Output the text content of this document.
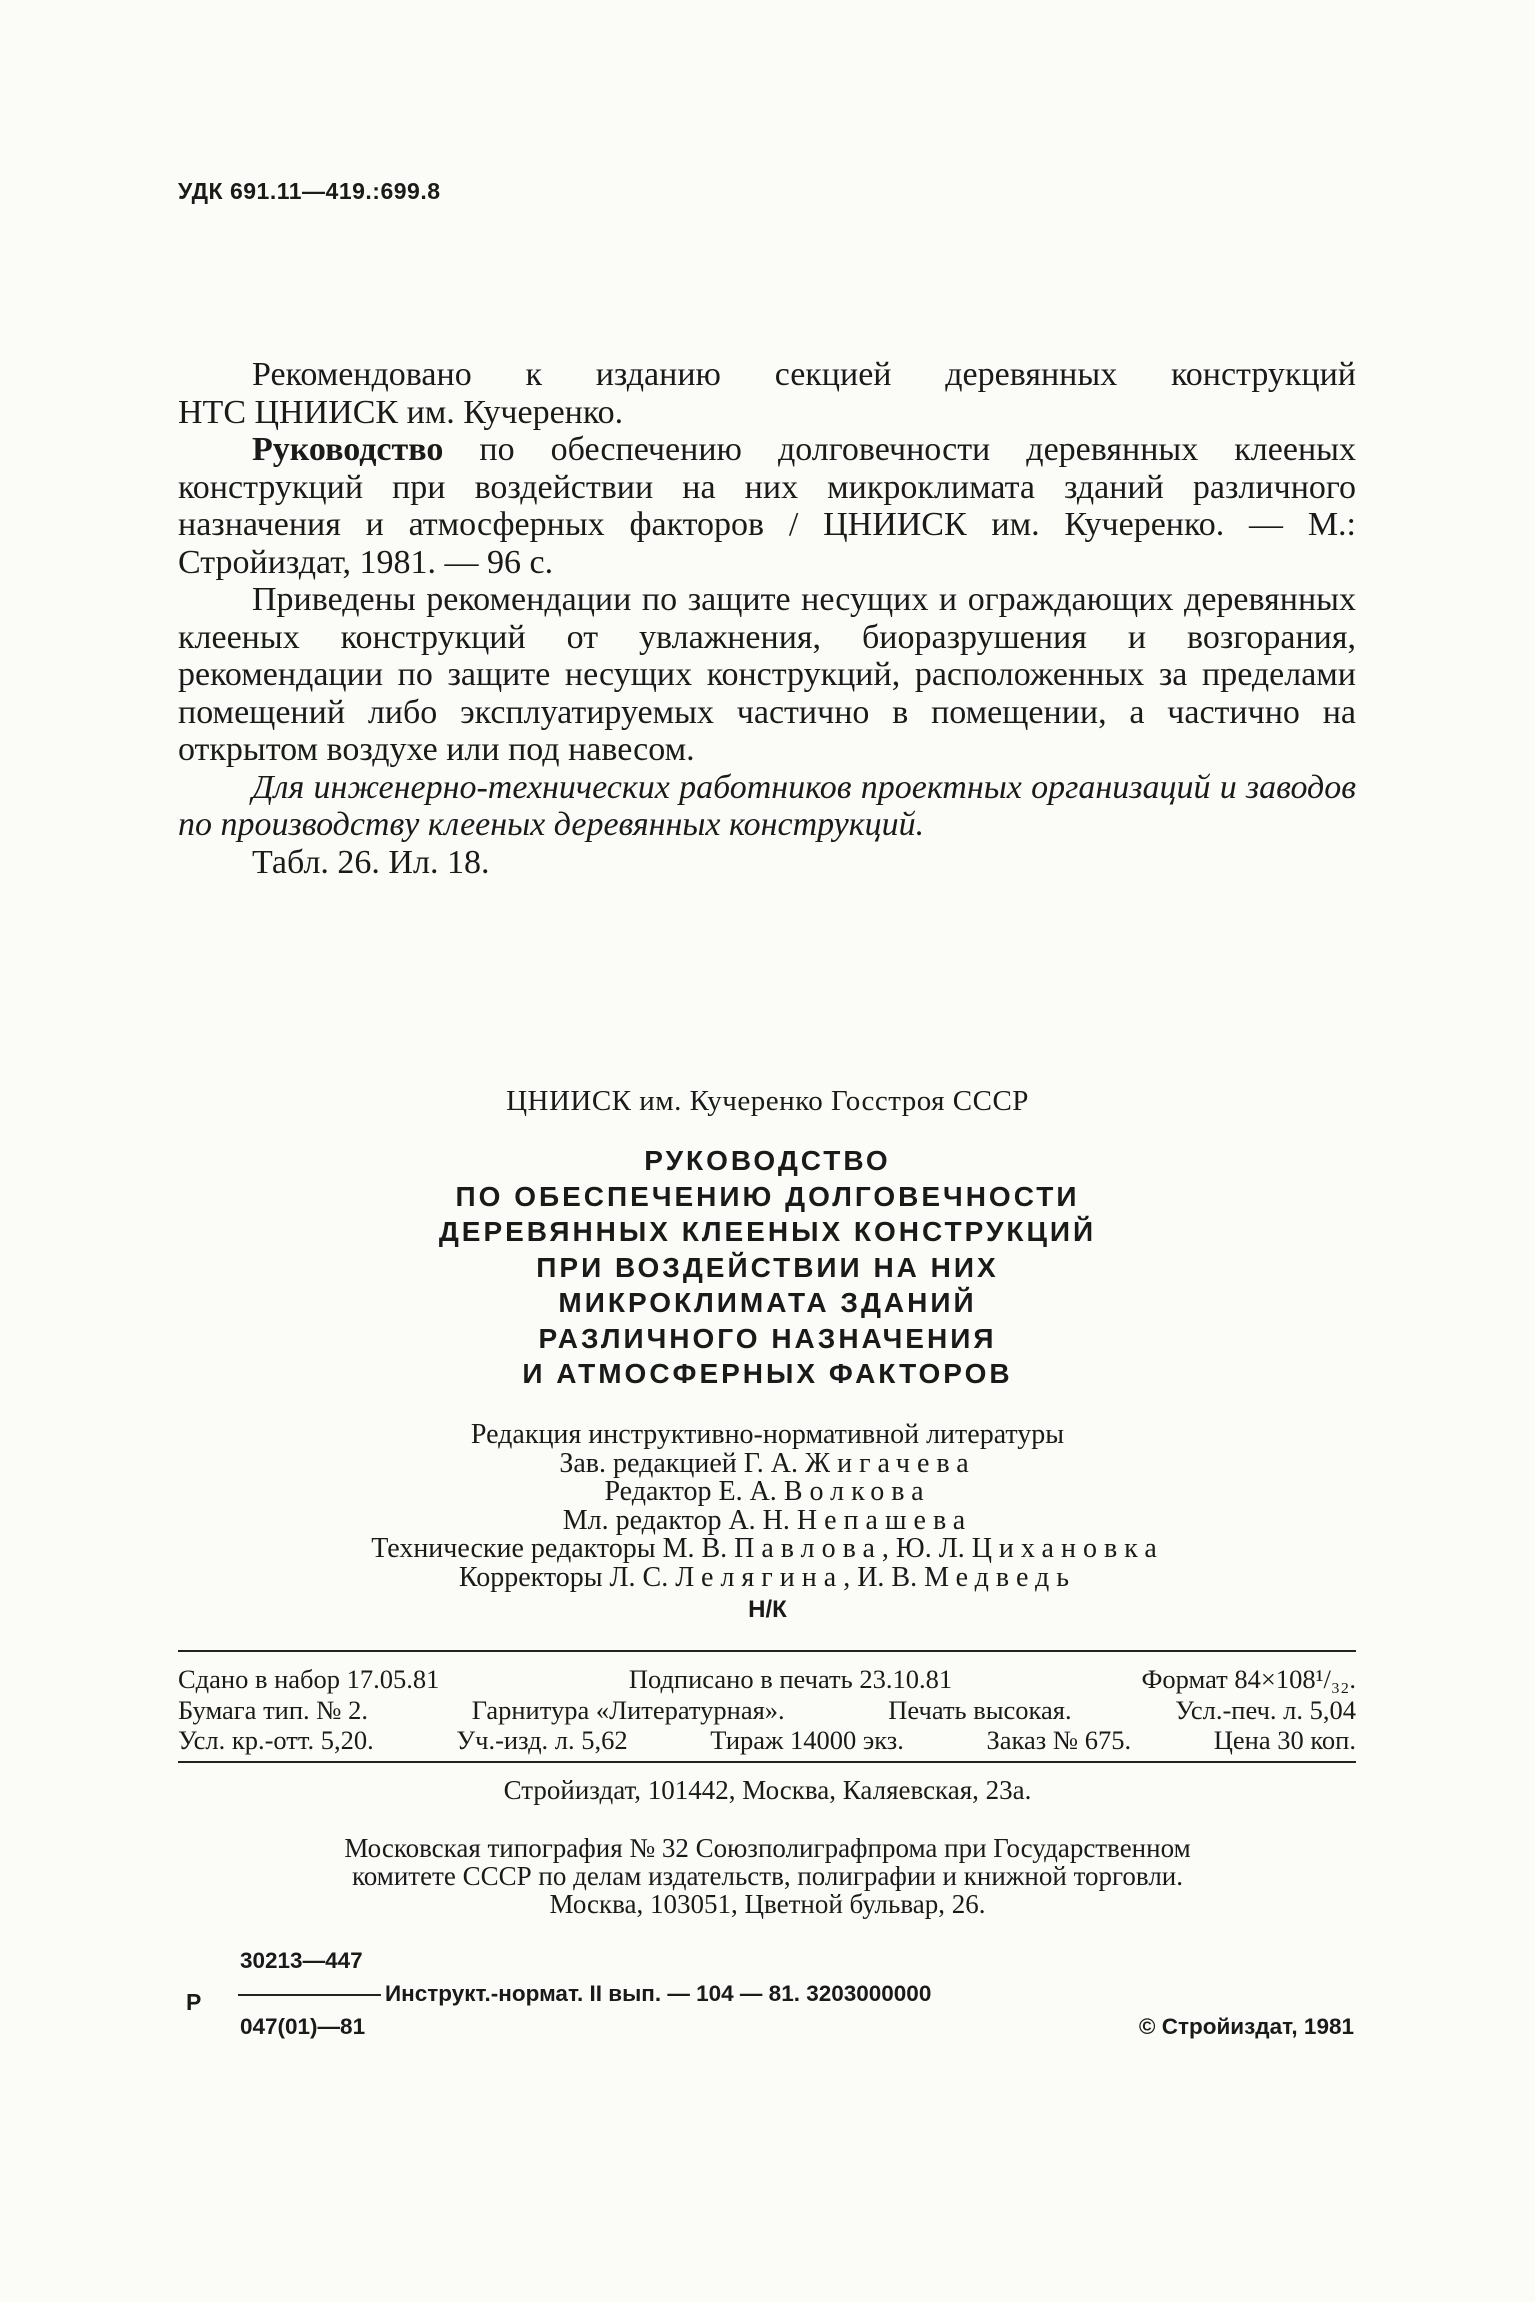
УДК 691.11—419.:699.8

Рекомендовано к изданию секцией деревянных конструкций

НТС ЦНИИСК им. Кучеренко.

Руководство по обеспечению долговечности деревянных клееных конструкций при воздействии на них микроклимата зданий различного назначения и атмосферных факторов / ЦНИИСК им. Кучеренко. — М.: Стройиздат, 1981. — 96 с.

Приведены рекомендации по защите несущих и ограждающих деревянных клееных конструкций от увлажнения, биоразрушения и возгорания, рекомендации по защите несущих конструкций, расположенных за пределами помещений либо эксплуатируемых частично в помещении, а частично на открытом воздухе или под навесом.

Для инженерно-технических работников проектных организаций и заводов по производству клееных деревянных конструкций.

Табл. 26. Ил. 18.

ЦНИИСК им. Кучеренко Госстроя СССР
РУКОВОДСТВО
ПО ОБЕСПЕЧЕНИЮ ДОЛГОВЕЧНОСТИ
ДЕРЕВЯННЫХ КЛЕЕНЫХ КОНСТРУКЦИЙ
ПРИ ВОЗДЕЙСТВИИ НА НИХ
МИКРОКЛИМАТА ЗДАНИЙ
РАЗЛИЧНОГО НАЗНАЧЕНИЯ
И АТМОСФЕРНЫХ ФАКТОРОВ
Редакция инструктивно-нормативной литературы
Зав. редакцией Г. А. Жигачева
Редактор Е. А. Волкова
Мл. редактор А. Н. Непашева
Технические редакторы М. В. Павлова, Ю. Л. Цихановка
Корректоры Л. С. Лелягина, И. В. Медведь
Н/К
Сдано в набор 17.05.81	Подписано в печать 23.10.81	Формат 84×108¹/₃₂.
Бумага тип. № 2.	Гарнитура «Литературная».	Печать высокая.	Усл.-печ. л. 5,04
Усл. кр.-отт. 5,20.	Уч.-изд. л. 5,62	Тираж 14000 экз.	Заказ № 675.	Цена 30 коп.
Стройиздат, 101442, Москва, Каляевская, 23а.
Московская типография № 32 Союзполиграфпрома при Государственном
комитете СССР по делам издательств, полиграфии и книжной торговли.
Москва, 103051, Цветной бульвар, 26.
Р
30213—447
047(01)—81
Инструкт.-нормат. II вып. — 104 — 81. 3203000000
© Стройиздат, 1981
